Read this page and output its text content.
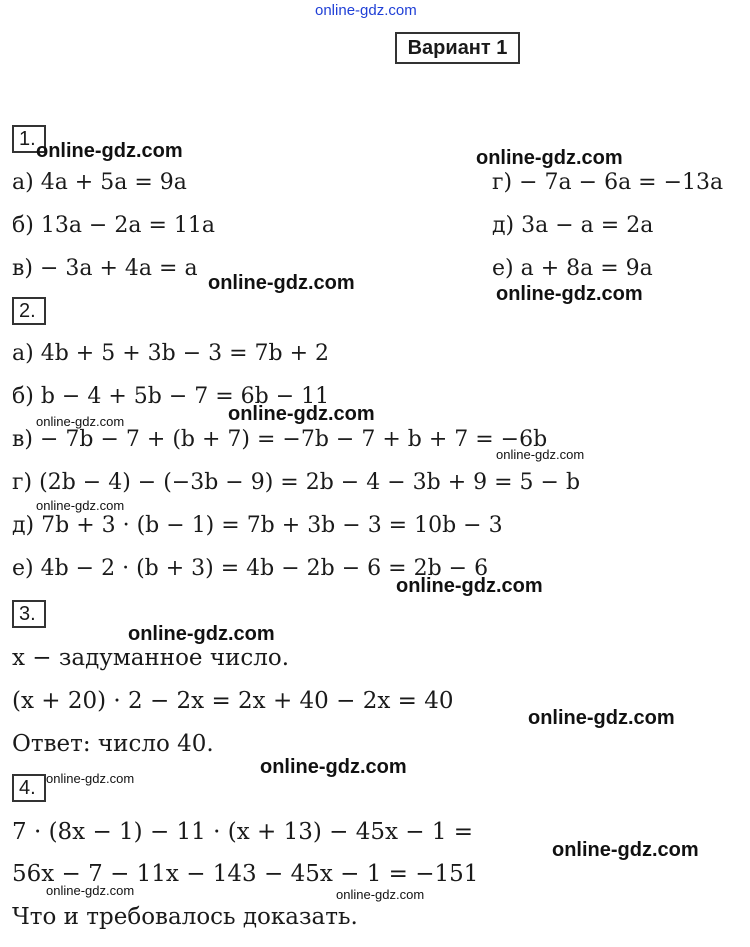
online-gdz.com
Вариант 1
1.
а) 4a + 5a = 9a
б) 13a − 2a = 11a
в) − 3a + 4a = a
г) − 7a − 6a = −13a
д) 3a − a = 2a
е) a + 8a = 9a
2.
а) 4b + 5 + 3b − 3 = 7b + 2
б) b − 4 + 5b − 7 = 6b − 11
в) − 7b − 7 + (b + 7) = −7b − 7 + b + 7 = −6b
г) (2b − 4) − (−3b − 9) = 2b − 4 − 3b + 9 = 5 − b
д) 7b + 3 · (b − 1) = 7b + 3b − 3 = 10b − 3
е) 4b − 2 · (b + 3) = 4b − 2b − 6 = 2b − 6
3.
x − задуманное число.
(x + 20) · 2 − 2x = 2x + 40 − 2x = 40
Ответ: число 40.
4.
7 · (8x − 1) − 11 · (x + 13) − 45x − 1 =
56x − 7 − 11x − 143 − 45x − 1 = −151
Что и требовалось доказать.
online-gdz.com	online-gdz.com
online-gdz.com	online-gdz.com
online-gdz.com
online-gdz.com
online-gdz.com
online-gdz.com
online-gdz.com
online-gdz.com
online-gdz.com
online-gdz.com
online-gdz.com
online-gdz.com
online-gdz.com	online-gdz.com
